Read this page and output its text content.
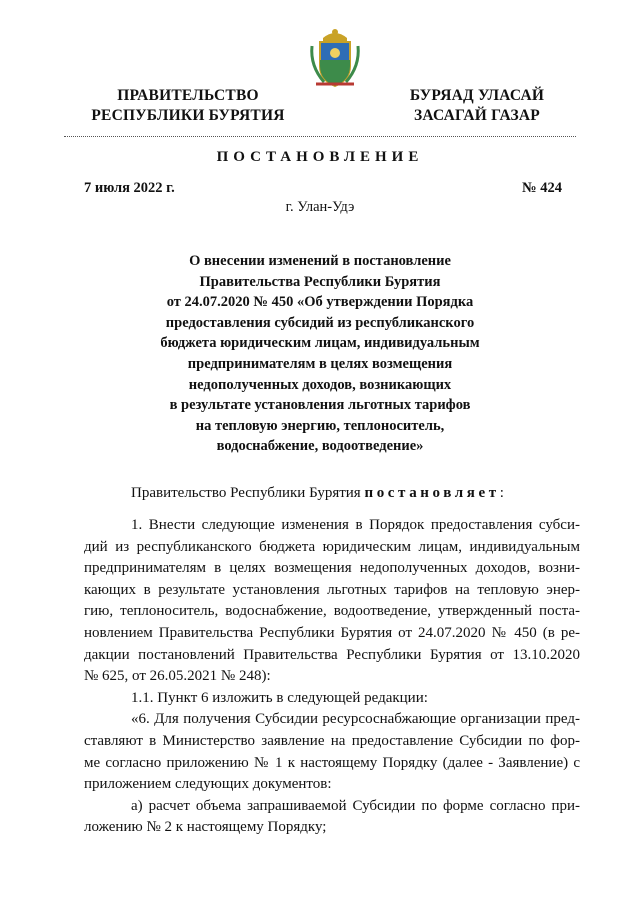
ПРАВИТЕЛЬСТВО
РЕСПУБЛИКИ БУРЯТИЯ
БУРЯАД УЛАСАЙ
ЗАСАГАЙ ГАЗАР
ПОСТАНОВЛЕНИЕ
7 июля 2022 г.	№ 424
г. Улан-Удэ
О внесении изменений в постановление
Правительства Республики Бурятия
от 24.07.2020 № 450 «Об утверждении Порядка
предоставления субсидий из республиканского
бюджета юридическим лицам, индивидуальным
предпринимателям в целях возмещения
недополученных доходов, возникающих
в результате установления льготных тарифов
на тепловую энергию, теплоноситель,
водоснабжение, водоотведение»
Правительство Республики Бурятия постановляет:

1. Внести следующие изменения в Порядок предоставления субси-

дий из республиканского бюджета юридическим лицам, индивидуальным

предпринимателям в целях возмещения недополученных доходов, возни-

кающих в результате установления льготных тарифов на тепловую энер-

гию, теплоноситель, водоснабжение, водоотведение, утвержденный поста-

новлением Правительства Республики Бурятия от 24.07.2020 № 450 (в ре-

дакции постановлений Правительства Республики Бурятия от 13.10.2020

№ 625, от 26.05.2021 № 248):

1.1. Пункт 6 изложить в следующей редакции:

«6. Для получения Субсидии ресурсоснабжающие организации пред-

ставляют в Министерство заявление на предоставление Субсидии по фор-

ме согласно приложению № 1 к настоящему Порядку (далее - Заявление) с

приложением следующих документов:

а) расчет объема запрашиваемой Субсидии по форме согласно при-

ложению № 2 к настоящему Порядку;
